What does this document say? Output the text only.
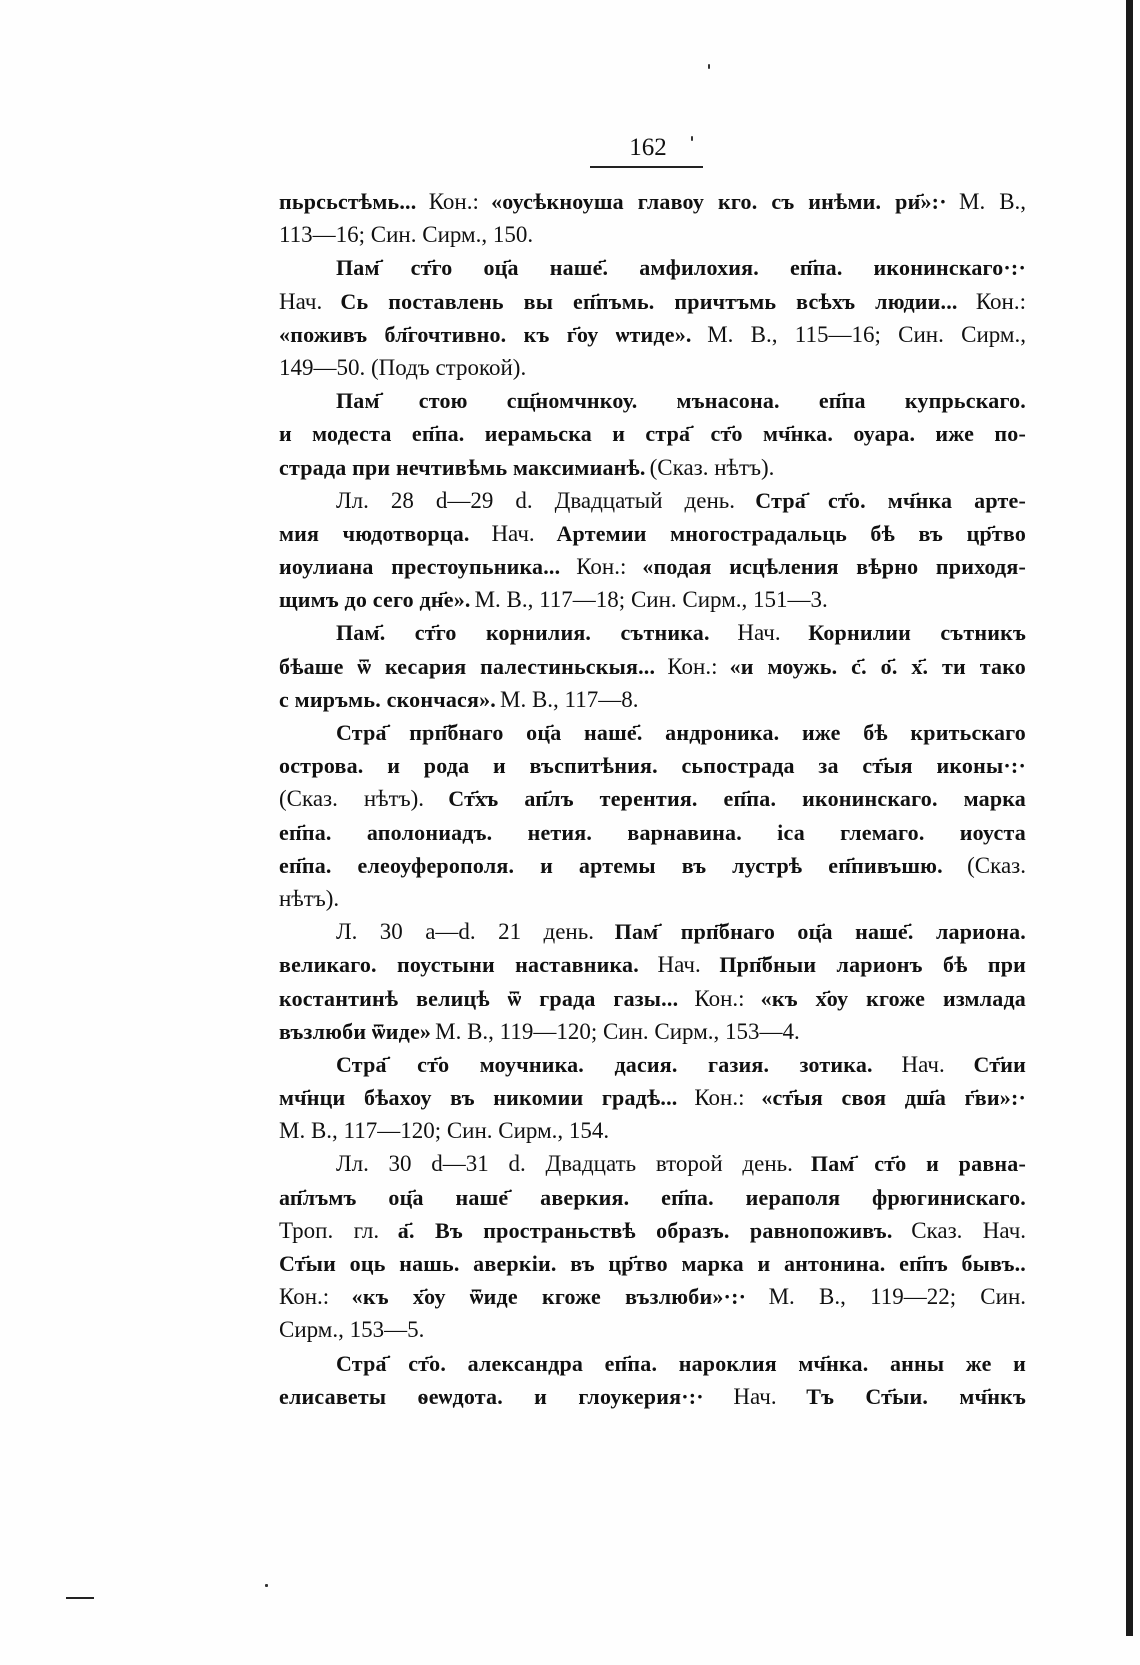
162
пьрсьстѣмь... Кон.: «оусѣкноуша главоу кго. съ инѣми. ри҃»:· М. В.,
113—16; Син. Сирм., 150.
Пам҃ ст҃го оц҃а наше҃. амфилохия. еп҃па. иконинскаго·:·
Нач. Сь поставлень вы еп҃пъмь. причтъмь всѣхъ людии... Кон.:
«поживъ бл҃гочтивно. къ г҃оу ѡтиде». М. В., 115—16; Син. Сирм.,
149—50. (Подъ строкой).
Пам҃ стою сщ҃номчнкоу. мънасона. еп҃па купрьскаго.
и модеста еп҃па. иерамьска и стра҃ ст҃о мч҃нка. оуара. иже по-
страда при нечтивѣмь максимианѣ. (Сказ. нѣтъ).
Лл. 28 d—29 d. Двадцатый день. Стра҃ ст҃о. мч҃нка арте-
мия чюдотворца. Нач. Артемии многострадальць бѣ въ цр҃тво
иоулиана престоупьника... Кон.: «подая исцѣления вѣрно приходя-
щимъ до сего дн҃е». М. В., 117—18; Син. Сирм., 151—3.
Пам҃. ст҃го корнилия. сътника. Нач. Корнилии сътникъ
бѣаше ѿ кесария палестиньскыя... Кон.: «и моужь. с҃. о҃. х҃. ти тако
с миръмь. скончася». М. В., 117—8.
Стра҃ прп҃бнаго оц҃а наше҃. андроника. иже бѣ критьскаго
острова. и рода и въспитѣния. сьпострада за ст҃ыя иконы·:·
(Сказ. нѣтъ). Ст҃хъ ап҃лъ терентия. еп҃па. иконинскаго. марка
еп҃па. аполониадъ. нетия. варнавина. іса глемаго. иоуста
еп҃па. елеоуферополя. и артемы въ лустрѣ еп҃пивъшю. (Сказ.
нѣтъ).
Л. 30 a—d. 21 день. Пам҃ прп҃бнаго оц҃а наше҃. лариона.
великаго. поустыни наставника. Нач. Прп҃бныи ларионъ бѣ при
костантинѣ велицѣ ѿ града газы... Кон.: «къ х҃оу кгоже измлада
възлюби ѿиде» М. В., 119—120; Син. Сирм., 153—4.
Стра҃ ст҃о моучника. дасия. газия. зотика. Нач. Ст҃ии
мч҃нци бѣахоу въ никомии градѣ... Кон.: «ст҃ыя своя дш҃а г҃ви»:·
М. В., 117—120; Син. Сирм., 154.
Лл. 30 d—31 d. Двадцать второй день. Пам҃ ст҃о и равна-
ап҃лъмъ оц҃а наше҃ аверкия. еп҃па. иераполя фрюгинискаго.
Троп. гл. а҃. Въ пространьствѣ образъ. равнопоживъ. Сказ. Нач.
Ст҃ыи оць нашь. аверкіи. въ цр҃тво марка и антонина. еп҃пъ бывъ..
Кон.: «къ х҃оу ѿиде кгоже възлюби»·:· М. В., 119—22; Син.
Сирм., 153—5.
Стра҃ ст҃о. александра еп҃па. нароклия мч҃нка. анны же и
елисаветы ѳеѡдота. и глоукерия·:· Нач. Тъ Ст҃ыи. мч҃нкъ
